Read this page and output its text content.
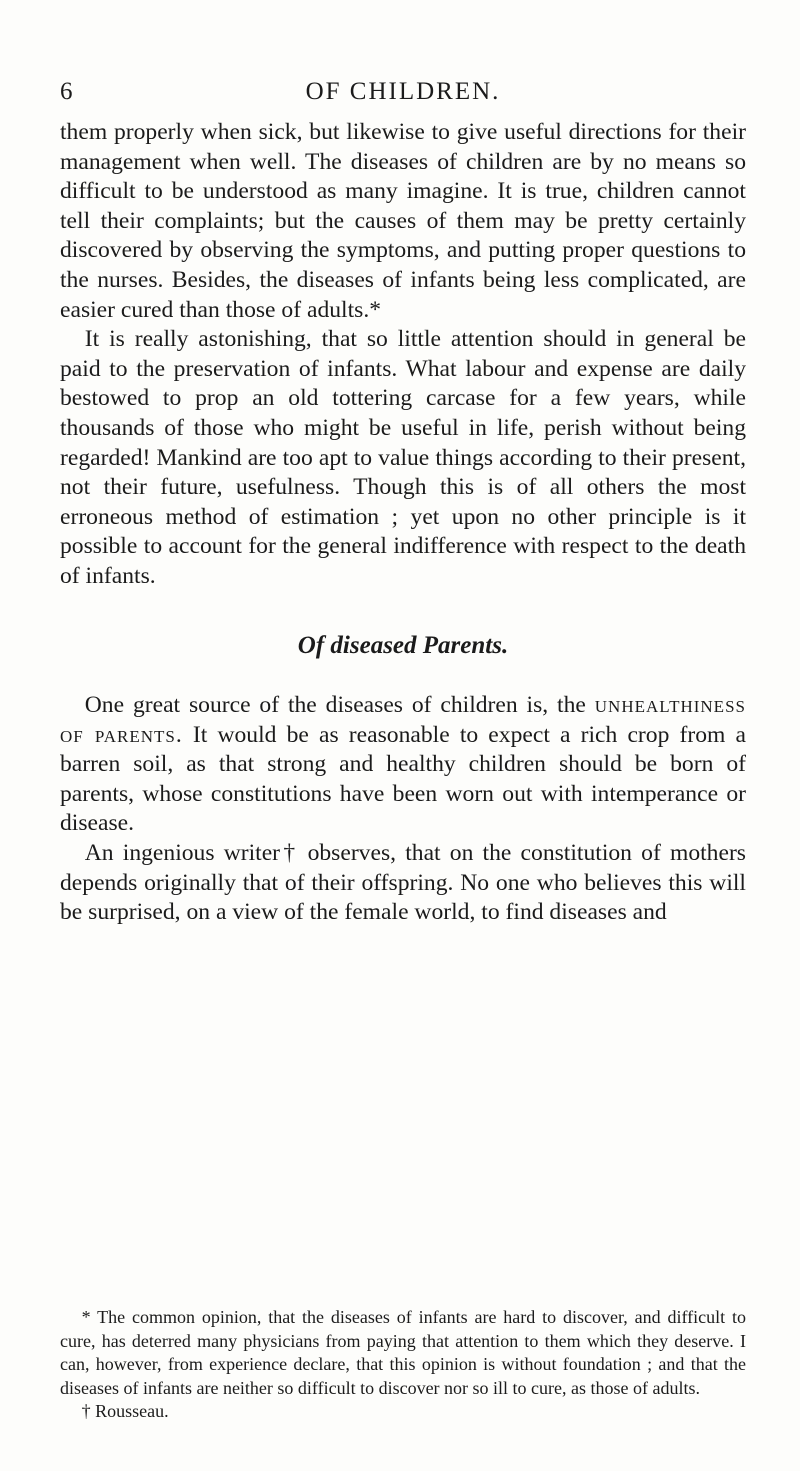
6	OF CHILDREN.

them properly when sick, but likewise to give useful directions for their management when well. The diseases of children are by no means so difficult to be understood as many imagine. It is true, children cannot tell their complaints; but the causes of them may be pretty certainly discovered by observing the symptoms, and putting proper questions to the nurses. Besides, the diseases of infants being less complicated, are easier cured than those of adults.*

It is really astonishing, that so little attention should in general be paid to the preservation of infants. What labour and expense are daily bestowed to prop an old tottering carcase for a few years, while thousands of those who might be useful in life, perish without being regarded! Mankind are too apt to value things according to their present, not their future, usefulness. Though this is of all others the most erroneous method of estimation ; yet upon no other principle is it possible to account for the general indifference with respect to the death of infants.

Of diseased Parents.

One great source of the diseases of children is, the unhealthiness of parents. It would be as reasonable to expect a rich crop from a barren soil, as that strong and healthy children should be born of parents, whose constitutions have been worn out with intemperance or disease.

An ingenious writer† observes, that on the constitution of mothers depends originally that of their offspring. No one who believes this will be surprised, on a view of the female world, to find diseases and

* The common opinion, that the diseases of infants are hard to discover, and difficult to cure, has deterred many physicians from paying that attention to them which they deserve. I can, however, from experience declare, that this opinion is without foundation ; and that the diseases of infants are neither so difficult to discover nor so ill to cure, as those of adults.

† Rousseau.
